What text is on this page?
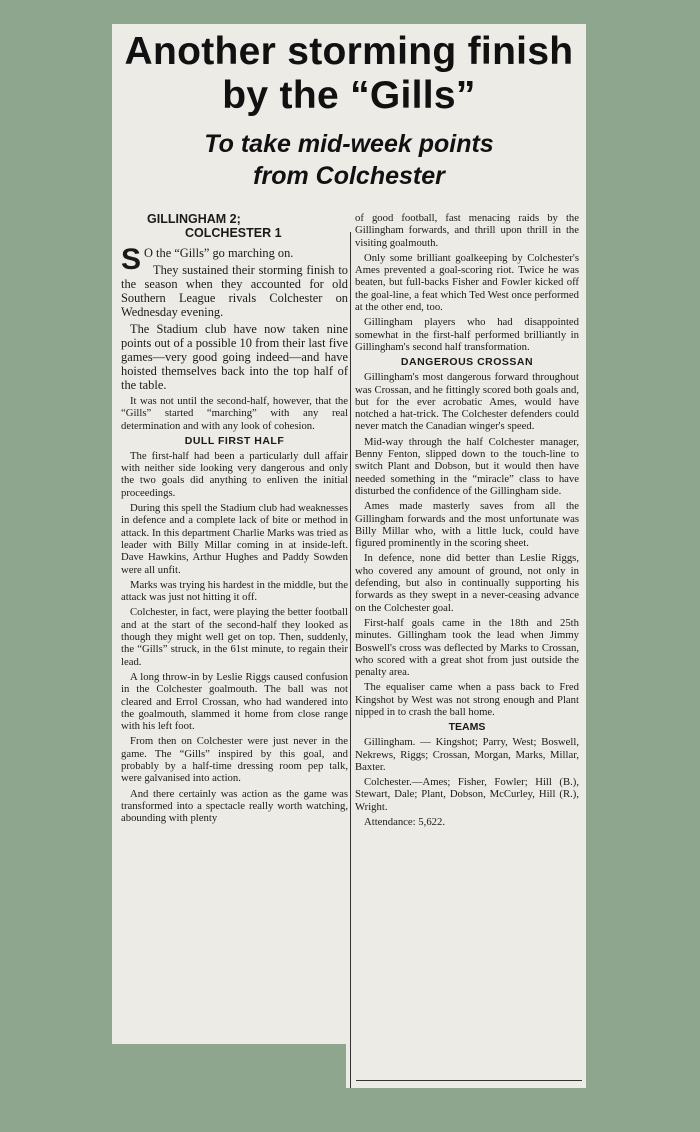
Another storming finish
by the “Gills”
To take mid-week points
from Colchester
GILLINGHAM 2;
COLCHESTER 1

S O the “Gills” go marching on.

They sustained their storming finish to the season when they accounted for old Southern League rivals Colchester on Wednesday evening.

The Stadium club have now taken nine points out of a possible 10 from their last five games—very good going indeed—and have hoisted themselves back into the top half of the table.

It was not until the second-half, however, that the “Gills” started “marching” with any real determination and with any look of cohesion.

DULL FIRST HALF

The first-half had been a particularly dull affair with neither side looking very dangerous and only the two goals did anything to enliven the initial proceedings.

During this spell the Stadium club had weaknesses in defence and a complete lack of bite or method in attack. In this department Charlie Marks was tried as leader with Billy Millar coming in at inside-left. Dave Hawkins, Arthur Hughes and Paddy Sowden were all unfit.

Marks was trying his hardest in the middle, but the attack was just not hitting it off.

Colchester, in fact, were playing the better football and at the start of the second-half they looked as though they might well get on top. Then, suddenly, the “Gills” struck, in the 61st minute, to regain their lead.

A long throw-in by Leslie Riggs caused confusion in the Colchester goalmouth. The ball was not cleared and Errol Crossan, who had wandered into the goalmouth, slammed it home from close range with his left foot.

From then on Colchester were just never in the game. The “Gills” inspired by this goal, and probably by a half-time dressing room pep talk, were galvanised into action.

And there certainly was action as the game was transformed into a spectacle really worth watching, abounding with plenty

of good football, fast menacing raids by the Gillingham forwards, and thrill upon thrill in the visiting goalmouth.

Only some brilliant goalkeeping by Colchester's Ames prevented a goal-scoring riot. Twice he was beaten, but full-backs Fisher and Fowler kicked off the goal-line, a feat which Ted West once performed at the other end, too.

Gillingham players who had disappointed somewhat in the first-half performed brilliantly in Gillingham's second half transformation.

DANGEROUS CROSSAN

Gillingham's most dangerous forward throughout was Crossan, and he fittingly scored both goals and, but for the ever acrobatic Ames, would have notched a hat-trick. The Colchester defenders could never match the Canadian winger's speed.

Mid-way through the half Colchester manager, Benny Fenton, slipped down to the touch-line to switch Plant and Dobson, but it would then have needed something in the “miracle” class to have disturbed the confidence of the Gillingham side.

Ames made masterly saves from all the Gillingham forwards and the most unfortunate was Billy Millar who, with a little luck, could have figured prominently in the scoring sheet.

In defence, none did better than Leslie Riggs, who covered any amount of ground, not only in defending, but also in continually supporting his forwards as they swept in a never-ceasing advance on the Colchester goal.

First-half goals came in the 18th and 25th minutes. Gillingham took the lead when Jimmy Boswell's cross was deflected by Marks to Crossan, who scored with a great shot from just outside the penalty area.

The equaliser came when a pass back to Fred Kingshot by West was not strong enough and Plant nipped in to crash the ball home.

TEAMS

Gillingham. — Kingshot; Parry, West; Boswell, Nekrews, Riggs; Crossan, Morgan, Marks, Millar, Baxter.

Colchester.—Ames; Fisher, Fowler; Hill (B.), Stewart, Dale; Plant, Dobson, McCurley, Hill (R.), Wright.

Attendance: 5,622.
